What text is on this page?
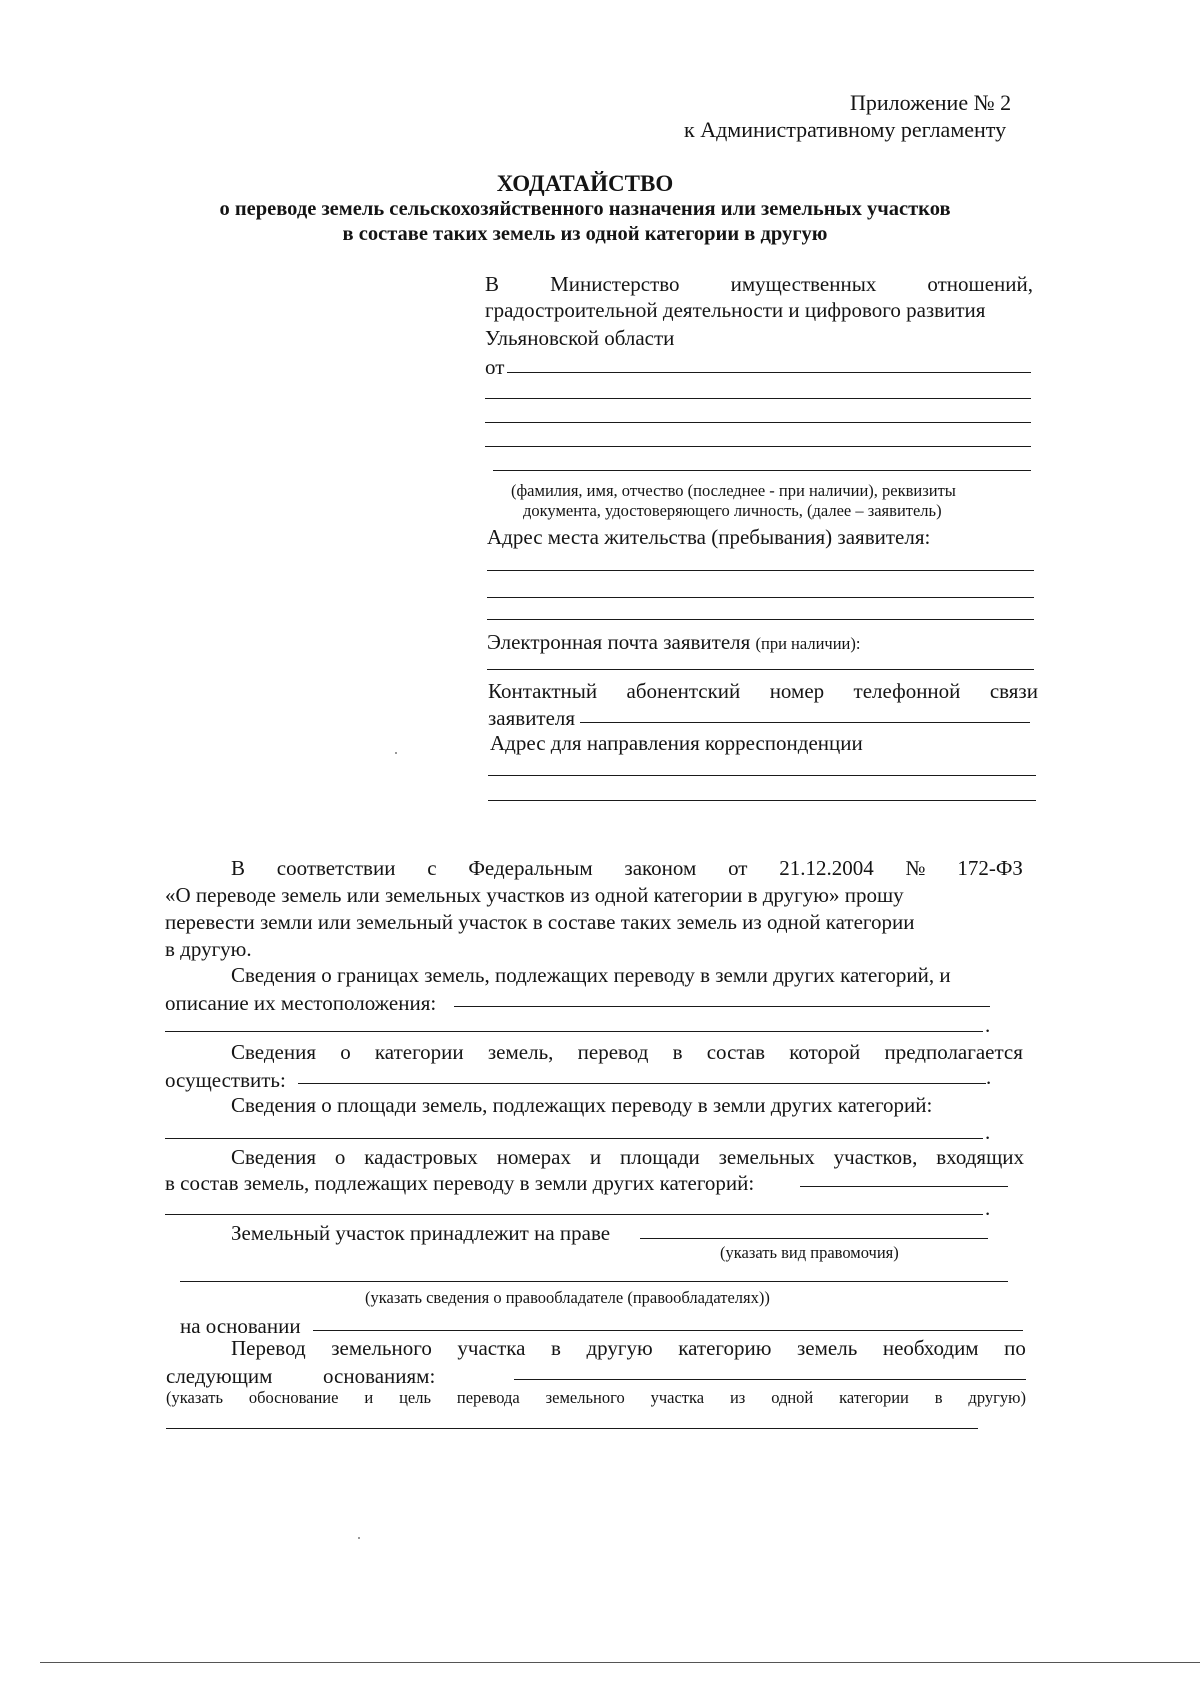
Приложение № 2
к Административному регламенту
ХОДАТАЙСТВО
о переводе земель сельскохозяйственного назначения или земельных участков
в составе таких земель из одной категории в другую
В Министерство имущественных отношений,
градостроительной деятельности и цифрового развития
Ульяновской области
от
(фамилия, имя, отчество (последнее - при наличии), реквизиты
документа, удостоверяющего личность, (далее – заявитель)
Адрес места жительства (пребывания) заявителя:
Электронная почта заявителя (при наличии):
Контактный абонентский номер телефонной связи
заявителя
Адрес для направления корреспонденции
В соответствии с Федеральным законом от 21.12.2004 № 172-ФЗ
«О переводе земель или земельных участков из одной категории в другую» прошу
перевести земли или земельный участок в составе таких земель из одной категории
в другую.
Сведения о границах земель, подлежащих переводу в земли других категорий, и
описание их местоположения:
.
Сведения о категории земель, перевод в состав которой предполагается
осуществить:	.
Сведения о площади земель, подлежащих переводу в земли других категорий:
.
Сведения о кадастровых номерах и площади земельных участков, входящих
в состав земель, подлежащих переводу в земли других категорий:
.
Земельный участок принадлежит на праве
(указать вид правомочия)
(указать сведения о правообладателе (правообладателях))
на основании
Перевод земельного участка в другую категорию земель необходим по
следующим основаниям:
(указать обоснование и цель перевода земельного участка из одной категории в другую)
